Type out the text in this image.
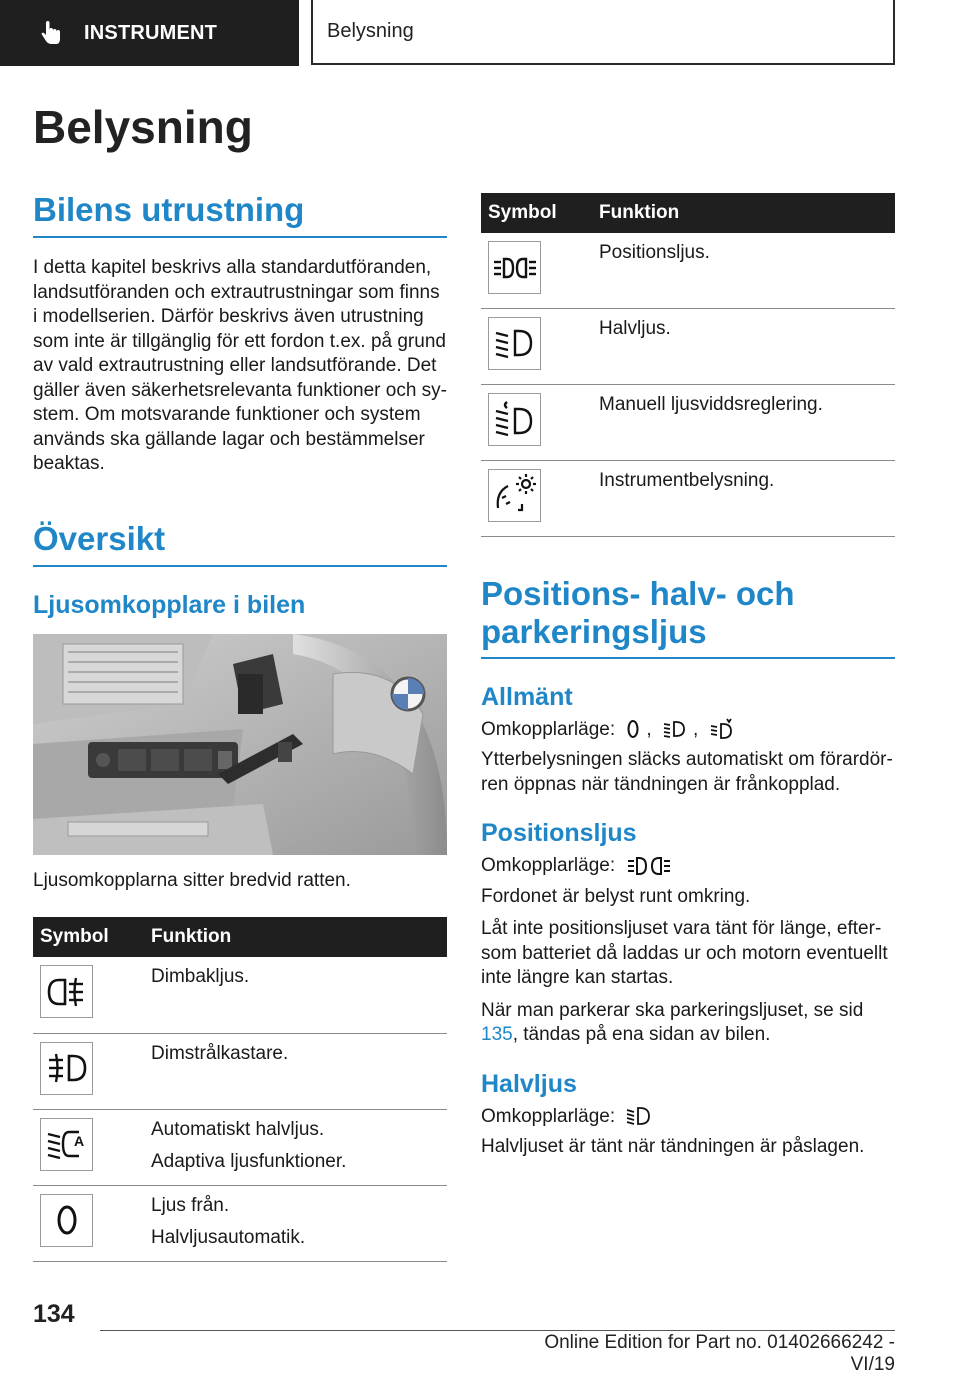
INSTRUMENT	Belysning
Belysning
Bilens utrustning

I detta kapitel beskrivs alla standardutföranden, landsutföranden och extrautrustningar som finns i modellserien. Därför beskrivs även utrustning som inte är tillgänglig för ett fordon t.ex. på grund av vald extrautrustning eller landsutförande. Det gäller även säkerhetsrelevanta funktioner och sy-stem. Om motsvarande funktioner och system används ska gällande lagar och bestämmelser beaktas.

Översikt
Ljusomkopplare i bilen

Ljusomkopplarna sitter bredvid ratten.

Symbol	Funktion

Dimbakljus.

Dimstrålkastare.

A	Automatiskt halvljus.
Adaptiva ljusfunktioner.

Ljus från.
Halvljusautomatik.
Symbol	Funktion

Positionsljus.

Halvljus.

Manuell ljusviddsreglering.

Instrumentbelysning.
Positions- halv- och parkeringsljus
Allmänt

Omkopplarläge: , ,

Ytterbelysningen släcks automatiskt om förardör-ren öppnas när tändningen är frånkopplad.

Positionsljus

Omkopplarläge:

Fordonet är belyst runt omkring.

Låt inte positionsljuset vara tänt för länge, efter-som batteriet då laddas ur och motorn eventuellt inte längre kan startas.

När man parkerar ska parkeringsljuset, se sid 135, tändas på ena sidan av bilen.

Halvljus

Omkopplarläge:

Halvljuset är tänt när tändningen är påslagen.

134
Online Edition for Part no. 01402666242 - VI/19
